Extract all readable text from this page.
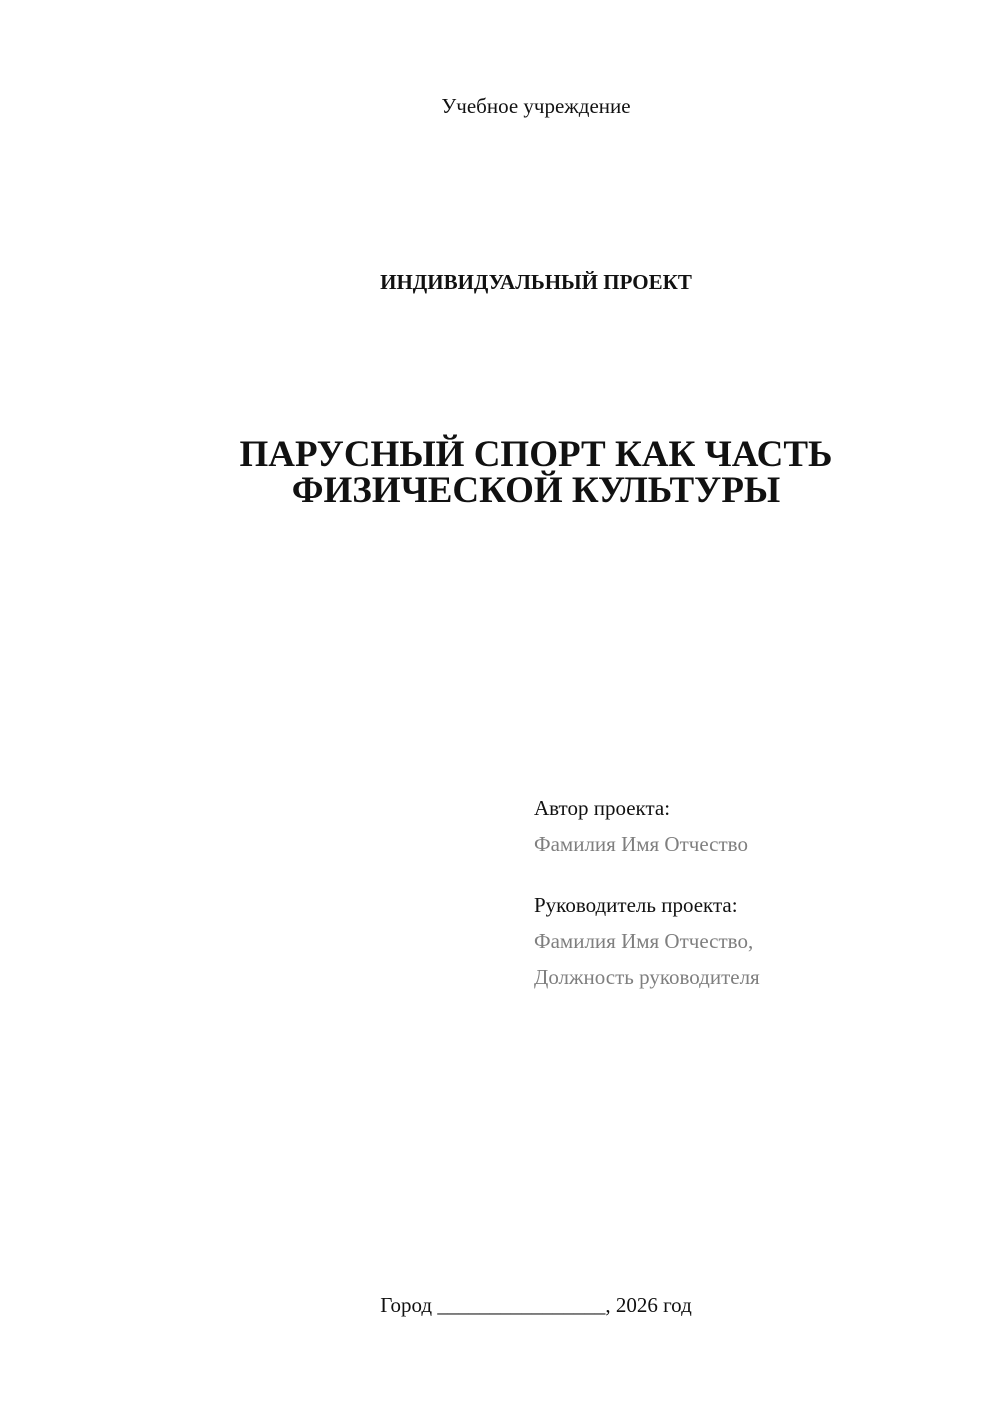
Учебное учреждение
ИНДИВИДУАЛЬНЫЙ ПРОЕКТ
ПАРУСНЫЙ СПОРТ КАК ЧАСТЬ
ФИЗИЧЕСКОЙ КУЛЬТУРЫ
Автор проекта:
Фамилия Имя Отчество
Руководитель проекта:
Фамилия Имя Отчество,
Должность руководителя
Город ________________, 2026 год
